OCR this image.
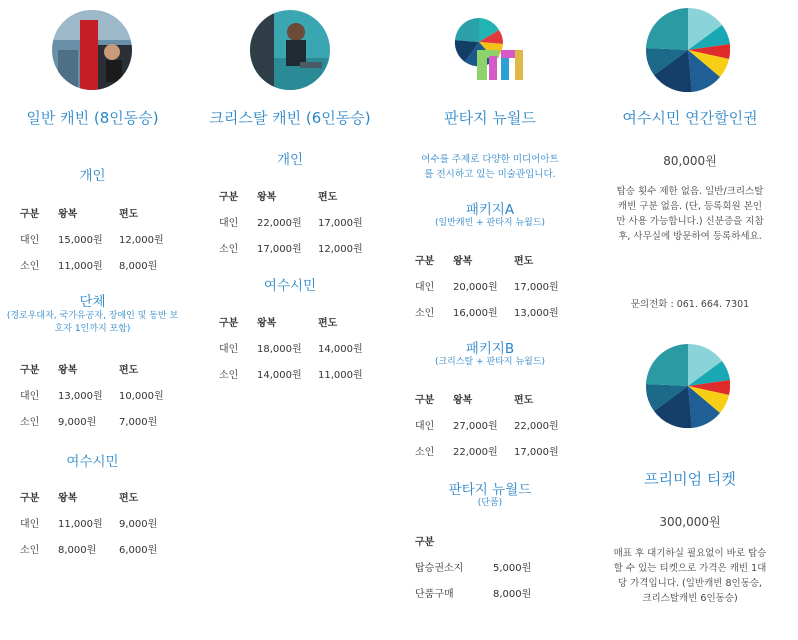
일반 캐빈 (8인동승)
개인
구분	왕복	편도
대인	15,000원	12,000원
소인	11,000원	8,000원
단체
(경로우대자, 국가유공자, 장애인 및 동반 보호자 1인까지 포함)
구분	왕복	편도
대인	13,000원	10,000원
소인	9,000원	7,000원
여수시민
구분	왕복	편도
대인	11,000원	9,000원
소인	8,000원	6,000원
크리스탈 캐빈 (6인동승)
개인
구분	왕복	편도
대인	22,000원	17,000원
소인	17,000원	12,000원
여수시민
구분	왕복	편도
대인	18,000원	14,000원
소인	14,000원	11,000원
판타지 뉴월드
여수를 주제로 다양한 미디어아트를 전시하고 있는 미술관입니다.
패키지A
(일반캐빈 + 판타지 뉴월드)
구분	왕복	편도
대인	20,000원	17,000원
소인	16,000원	13,000원
패키지B
(크리스탈 + 판타지 뉴월드)
구분	왕복	편도
대인	27,000원	22,000원
소인	22,000원	17,000원
판타지 뉴월드
(단품)
구분	
탑승권소지	5,000원
단품구매	8,000원
여수시민 연간할인권
80,000원
탑승 횟수 제한 없음. 일반/크리스탈 캐빈 구분 없음. (단, 등록회원 본인만 사용 가능합니다.) 신분증을 지참 후, 사무실에 방문하여 등록하세요.
문의전화 : 061. 664. 7301
프리미엄 티켓
300,000원
매표 후 대기하실 필요없이 바로 탑승 할 수 있는 티켓으로 가격은 캐빈 1대당 가격입니다. (일반캐빈 8인동승, 크리스탈캐빈 6인동승)
